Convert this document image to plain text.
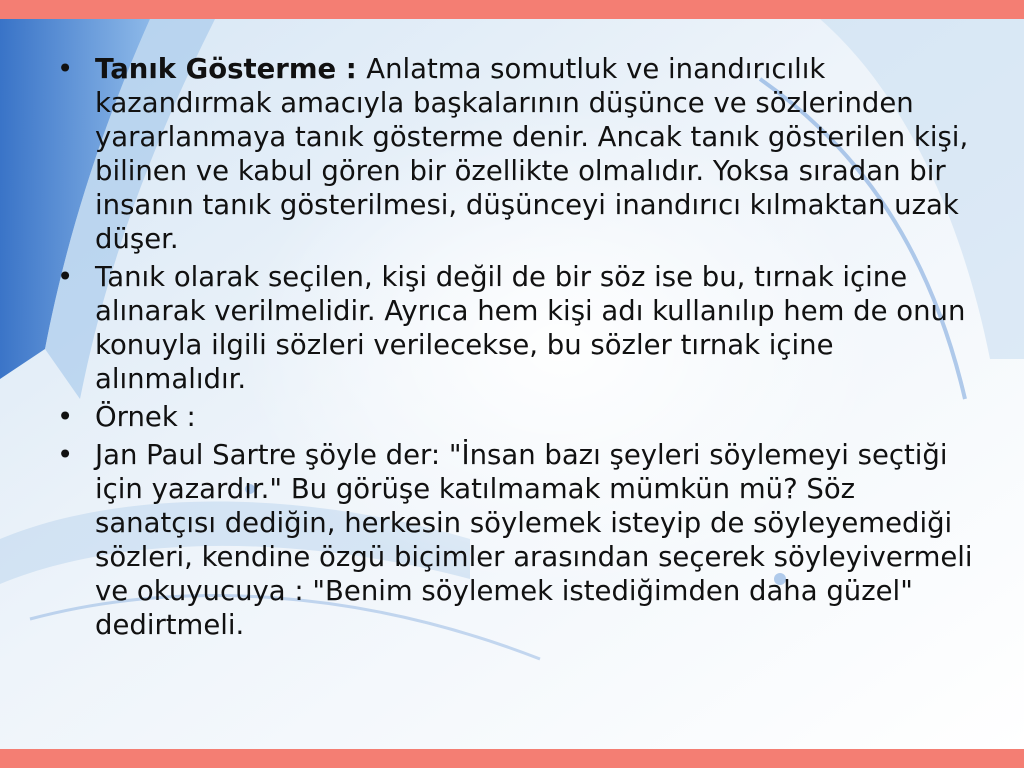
• Tanık Gösterme : Anlatma somutluk ve inandırıcılık kazandırmak amacıyla başkalarının düşünce ve sözlerinden yararlanmaya tanık gösterme denir. Ancak tanık gösterilen kişi, bilinen ve kabul gören bir özellikte olmalıdır. Yoksa sıradan bir insanın tanık gösterilmesi, düşünceyi inandırıcı kılmaktan uzak düşer.
• Tanık olarak seçilen, kişi değil de bir söz ise bu, tırnak içine alınarak verilmelidir. Ayrıca hem kişi adı kullanılıp hem de onun konuyla ilgili sözleri verilecekse, bu sözler tırnak içine alınmalıdır.
• Örnek :
• Jan Paul Sartre şöyle der: "İnsan bazı şeyleri söylemeyi seçtiği için yazardır." Bu görüşe katılmamak mümkün mü? Söz sanatçısı dediğin, herkesin söylemek isteyip de söyleyemediği sözleri, kendine özgü biçimler arasından seçerek söyleyivermeli ve okuyucuya : "Benim söylemek istediğimden daha güzel" dedirtmeli.
